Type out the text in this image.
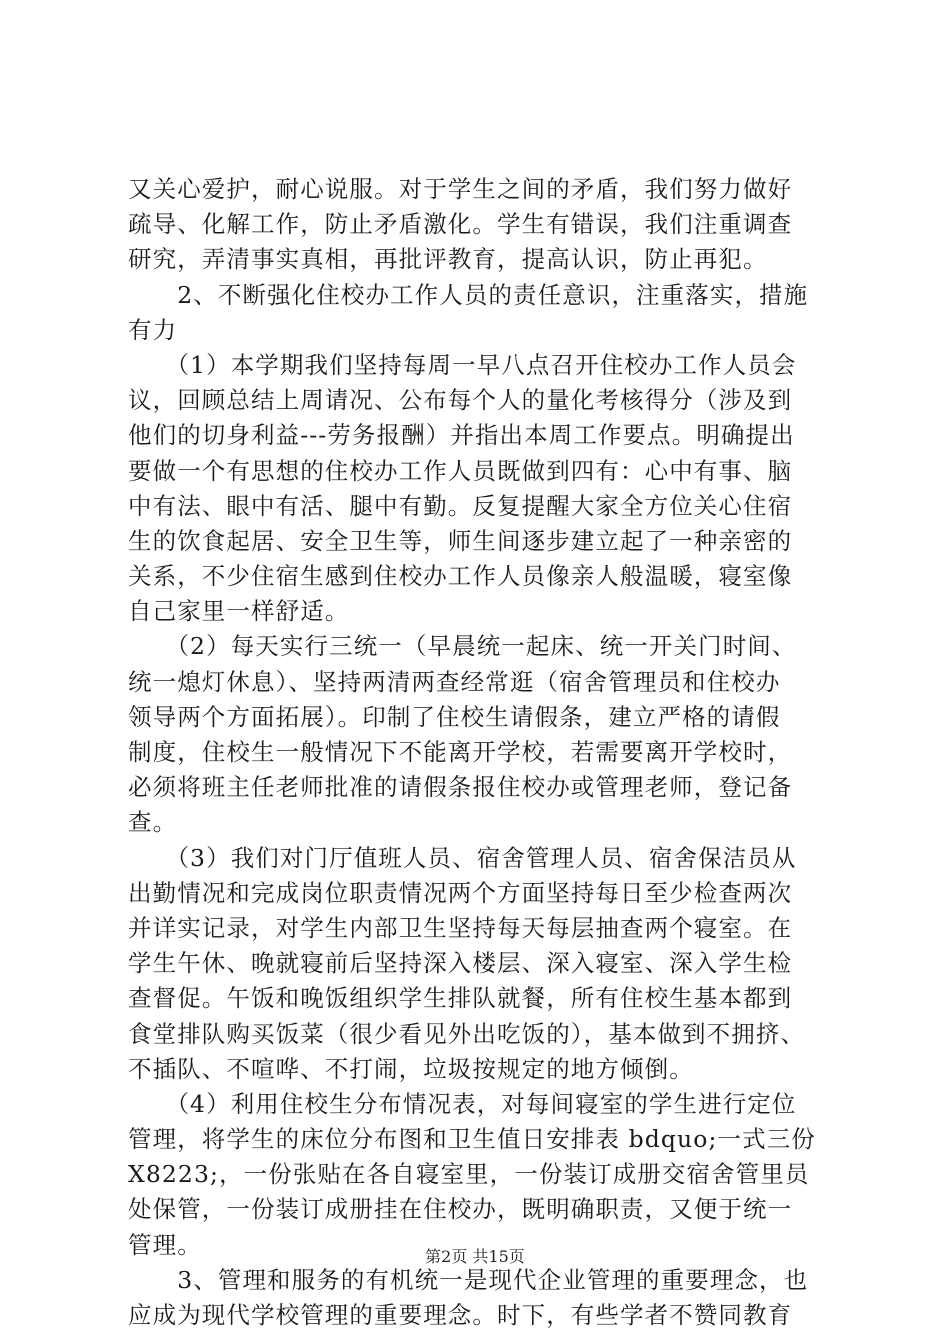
又关心爱护，耐心说服。对于学生之间的矛盾，我们努力做好
疏导、化解工作，防止矛盾激化。学生有错误，我们注重调查
研究，弄清事实真相，再批评教育，提高认识，防止再犯。
　　2、不断强化住校办工作人员的责任意识，注重落实，措施
有力
　　（1）本学期我们坚持每周一早八点召开住校办工作人员会
议，回顾总结上周请况、公布每个人的量化考核得分（涉及到
他们的切身利益---劳务报酬）并指出本周工作要点。明确提出
要做一个有思想的住校办工作人员既做到四有：心中有事、脑
中有法、眼中有活、腿中有勤。反复提醒大家全方位关心住宿
生的饮食起居、安全卫生等，师生间逐步建立起了一种亲密的
关系，不少住宿生感到住校办工作人员像亲人般温暖，寝室像
自己家里一样舒适。
　　（2）每天实行三统一（早晨统一起床、统一开关门时间、
统一熄灯休息）、坚持两清两查经常逛（宿舍管理员和住校办
领导两个方面拓展）。印制了住校生请假条，建立严格的请假
制度，住校生一般情况下不能离开学校，若需要离开学校时，
必须将班主任老师批准的请假条报住校办或管理老师，登记备
查。
　　（3）我们对门厅值班人员、宿舍管理人员、宿舍保洁员从
出勤情况和完成岗位职责情况两个方面坚持每日至少检查两次
并详实记录，对学生内部卫生坚持每天每层抽查两个寝室。在
学生午休、晚就寝前后坚持深入楼层、深入寝室、深入学生检
查督促。午饭和晚饭组织学生排队就餐，所有住校生基本都到
食堂排队购买饭菜（很少看见外出吃饭的），基本做到不拥挤、
不插队、不喧哗、不打闹，垃圾按规定的地方倾倒。
　　（4）利用住校生分布情况表，对每间寝室的学生进行定位
管理，将学生的床位分布图和卫生值日安排表 bdquo;一式三份
X8223;，一份张贴在各自寝室里，一份装订成册交宿舍管里员
处保管，一份装订成册挂在住校办，既明确职责，又便于统一
管理。
　　3、管理和服务的有机统一是现代企业管理的重要理念，也
应成为现代学校管理的重要理念。时下，有些学者不赞同教育
第2页 共15页
